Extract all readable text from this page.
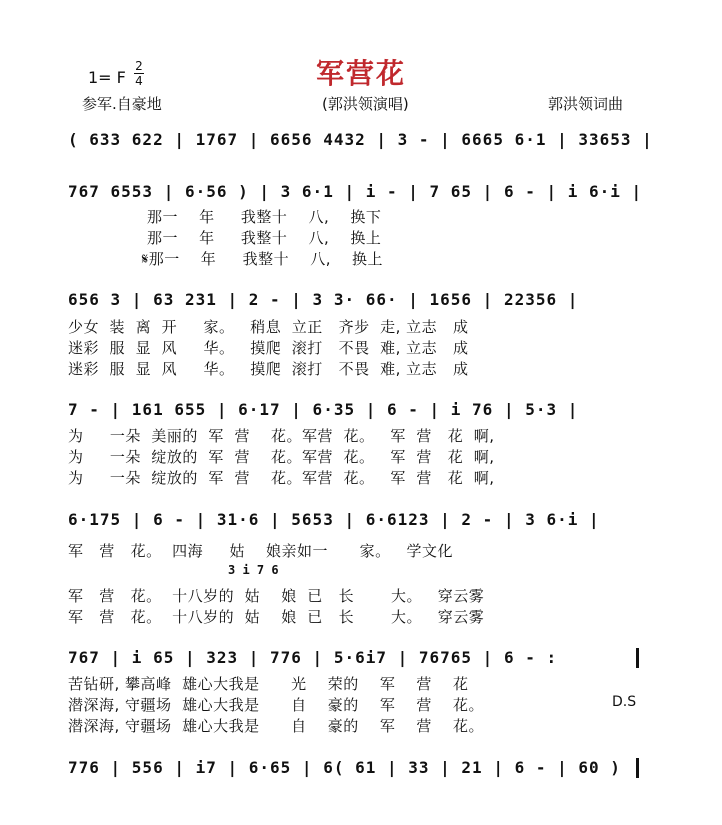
军营花
1= F
2
4
参军.自豪地	(郭洪领演唱)	郭洪领词曲
( 633 622 | 1767 | 6656 4432 | 3 - | 6665 6·1 | 33653 |
767 6553 | 6·56 ) | 3 6·1 | i - | 7 65 | 6 - | i 6·i |
那一    年     我整十    八,    换下
那一    年     我整十    八,    换上
𝄋那一    年     我整十    八,    换上
656 3 | 63 231 | 2 - | 3 3· 66· | 1656 | 22356 |
少女  装  离  开     家。   稍息  立正   齐步  走, 立志   成
迷彩  服  显  风     华。   摸爬  滚打   不畏  难, 立志   成
迷彩  服  显  风     华。   摸爬  滚打   不畏  难, 立志   成
7 - | 161 655 | 6·17 | 6·35 | 6 - | i 76 | 5·3 |
为     一朵  美丽的  军  营    花。军营  花。   军  营   花  啊,
为     一朵  绽放的  军  营    花。军营  花。   军  营   花  啊,
为     一朵  绽放的  军  营    花。军营  花。   军  营   花  啊,
6·175 | 6 - | 31·6 | 5653 | 6·6123 | 2 - | 3 6·i |
军   营   花。  四海     姑    娘亲如一      家。   学文化
3 i 7 6
军   营   花。  十八岁的  姑    娘  已   长       大。   穿云雾
军   营   花。  十八岁的  姑    娘  已   长       大。   穿云雾
767 | i 65 | 323 | 776 | 5·6i7 | 76765 | 6 - :
苦钻研, 攀高峰  雄心大我是      光    荣的    军    营    花
潜深海, 守疆场  雄心大我是      自    豪的    军    营    花。	D.S
潜深海, 守疆场  雄心大我是      自    豪的    军    营    花。
776 | 556 | i7 | 6·65 | 6( 61 | 33 | 21 | 6 - | 60 )
